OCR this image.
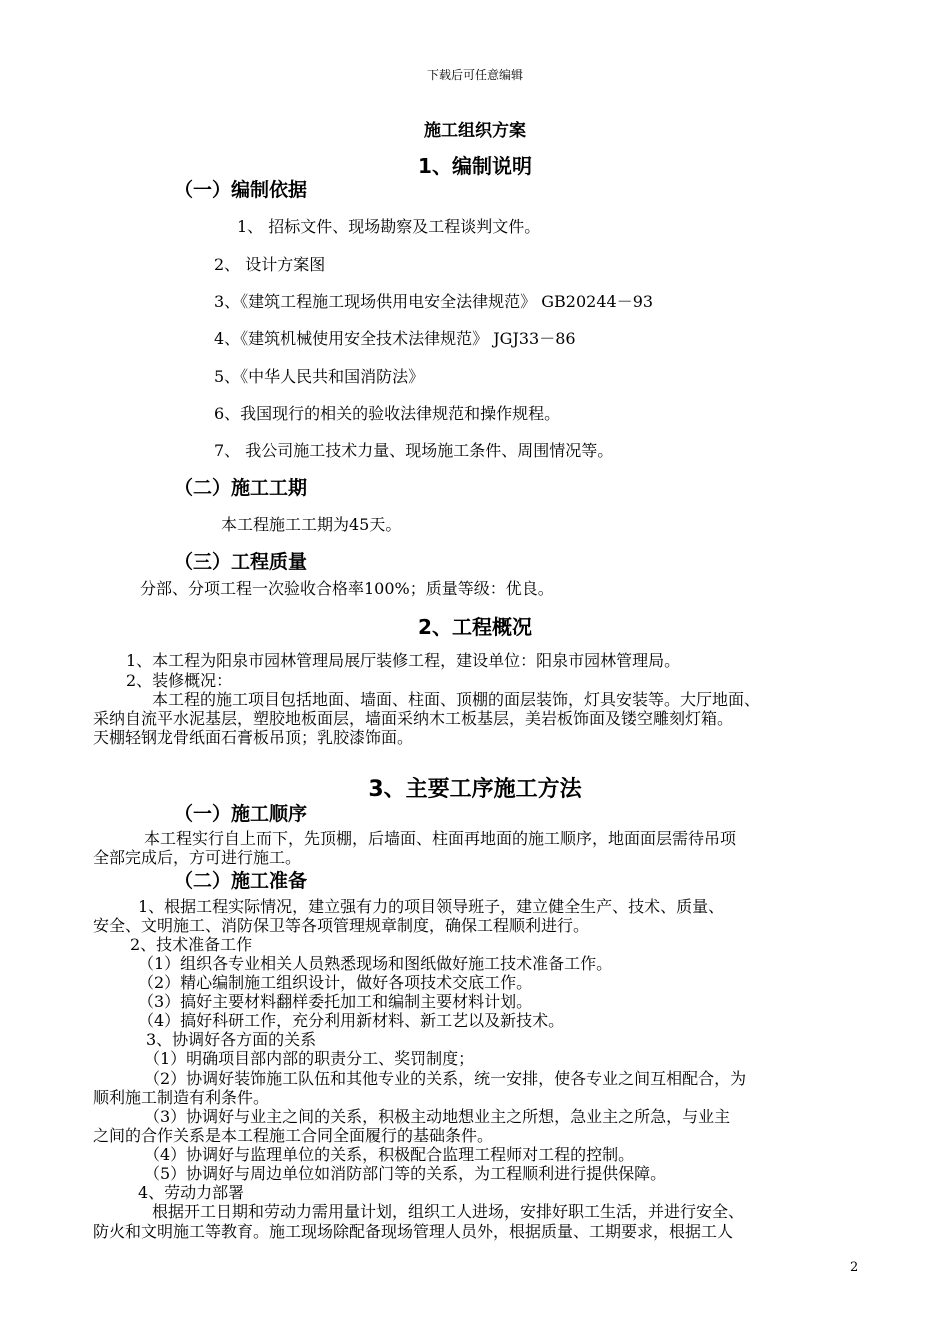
下载后可任意编辑
施工组织方案
1、编制说明
（一）编制依据
1、 招标文件、现场勘察及工程谈判文件。
2、 设计方案图
3、《建筑工程施工现场供用电安全法律规范》 GB20244－93
4、《建筑机械使用安全技术法律规范》 JGJ33－86
5、《中华人民共和国消防法》
6、我国现行的相关的验收法律规范和操作规程。
7、 我公司施工技术力量、现场施工条件、周围情况等。
（二）施工工期
本工程施工工期为45天。
（三）工程质量
分部、分项工程一次验收合格率100%；质量等级：优良。
2、工程概况
1、本工程为阳泉市园林管理局展厅装修工程，建设单位：阳泉市园林管理局。
2、装修概况：
本工程的施工项目包括地面、墙面、柱面、顶棚的面层装饰，灯具安装等。大厅地面、
采纳自流平水泥基层，塑胶地板面层，墙面采纳木工板基层，美岩板饰面及镂空雕刻灯箱。
天棚轻钢龙骨纸面石膏板吊顶；乳胶漆饰面。
3、主要工序施工方法
（一）施工顺序
本工程实行自上而下，先顶棚，后墙面、柱面再地面的施工顺序，地面面层需待吊项
全部完成后，方可进行施工。
（二）施工准备
1、根据工程实际情况，建立强有力的项目领导班子，建立健全生产、技术、质量、
安全、文明施工、消防保卫等各项管理规章制度，确保工程顺利进行。
2、技术准备工作
（1）组织各专业相关人员熟悉现场和图纸做好施工技术准备工作。
（2）精心编制施工组织设计，做好各项技术交底工作。
（3）搞好主要材料翻样委托加工和编制主要材料计划。
（4）搞好科研工作，充分利用新材料、新工艺以及新技术。
3、协调好各方面的关系
（1）明确项目部内部的职责分工、奖罚制度；
（2）协调好装饰施工队伍和其他专业的关系，统一安排，使各专业之间互相配合，为
顺利施工制造有利条件。
（3）协调好与业主之间的关系，积极主动地想业主之所想，急业主之所急，与业主
之间的合作关系是本工程施工合同全面履行的基础条件。
（4）协调好与监理单位的关系，积极配合监理工程师对工程的控制。
（5）协调好与周边单位如消防部门等的关系，为工程顺利进行提供保障。
4、劳动力部署
根据开工日期和劳动力需用量计划，组织工人进场，安排好职工生活，并进行安全、
防火和文明施工等教育。施工现场除配备现场管理人员外，根据质量、工期要求，根据工人
2
